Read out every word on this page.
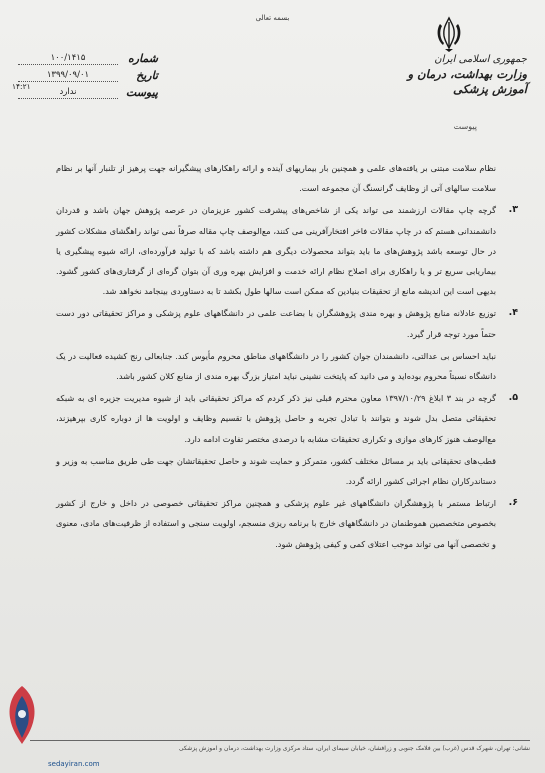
بسمه تعالی
جمهوری اسلامی ایران
وزارت بهداشت، درمان و آموزش پزشکی
پیوست
شماره
۱۰۰/۱۴۱۵
تاریخ
۱۳۹۹/۰۹/۰۱
پیوست
ندارد
۱۴:۲۱

نظام سلامت مبتنی بر یافته‌های علمی و همچنین بار بیماریهای آینده و ارائه راهکارهای پیشگیرانه جهت پرهیز از تلنبار آنها بر نظام سلامت سالهای آتی از وظایف گرانسنگ آن مجموعه است.

۳.
گرچه چاپ مقالات ارزشمند می تواند یکی از شاخص‌های پیشرفت کشور عزیزمان در عرصه پژوهش جهان باشد و قدردان دانشمندانی هستم که در چاپ مقالات فاخر افتخارآفرینی می کنند، مع‌الوصف چاپ مقاله صرفاً نمی تواند راهگشای مشکلات کشور در حال توسعه باشد پژوهش‌های ما باید بتواند محصولات دیگری هم داشته باشد که با تولید فرآورده‌ای، ارائه شیوه پیشگیری یا بیماریابی سریع تر و یا راهکاری برای اصلاح نظام ارائه خدمت و افزایش بهره وری آن بتوان گره‌ای از گرفتاری‌های کشور گشود. بدیهی است این اندیشه مانع از تحقیقات بنیادین که ممکن است سالها طول بکشد تا به دستاوردی بینجامد نخواهد شد.
۴.
توزیع عادلانه منابع پژوهش و بهره مندی پژوهشگران با بضاعت علمی در دانشگاههای علوم پزشکی و مراکز تحقیقاتی دور دست حتماً مورد توجه قرار گیرد.

نباید احساس بی عدالتی، دانشمندان جوان کشور را در دانشگاههای مناطق محروم مأیوس کند. جنابعالی رنج کشیده فعالیت در یک دانشگاه نسبتاً محروم بوده‌اید و می دانید که پایتخت نشینی نباید امتیاز بزرگ بهره مندی از منابع کلان کشور باشد.

۵.
گرچه در بند ۳ ابلاغ ۱۳۹۷/۱۰/۲۹ معاون محترم قبلی نیز ذکر کردم که مراکز تحقیقاتی باید از شیوه مدیریت جزیره ای به شبکه تحقیقاتی متصل بدل شوند و بتوانند با تبادل تجربه و حاصل پژوهش با تقسیم وظایف و اولویت ها از دوباره کاری بپرهیزند، مع‌الوصف هنوز کارهای موازی و تکراری تحقیقات مشابه با درصدی مختصر تفاوت ادامه دارد.

قطب‌های تحقیقاتی باید بر مسائل مختلف کشور، متمرکز و حمایت شوند و حاصل تحقیقاتشان جهت طی طریق مناسب به وزیر و دستاندرکاران نظام اجرائی کشور ارائه گردد.

۶.
ارتباط مستمر با پژوهشگران دانشگاههای غیر علوم پزشکی و همچنین مراکز تحقیقاتی خصوصی در داخل و خارج از کشور بخصوص متخصصین هموطنمان در دانشگاههای خارج با برنامه ریزی منسجم، اولویت سنجی و استفاده از ظرفیت‌های مادی، معنوی و تخصصی آنها می تواند موجب اعتلای کمی و کیفی پژوهش شود.
نشانی: تهران، شهرک قدس (غرب) بین فلامک جنوبی و زرافشان، خیابان سیمای ایران، ستاد مرکزی وزارت بهداشت، درمان و آموزش پزشکی
sedayiran.com
